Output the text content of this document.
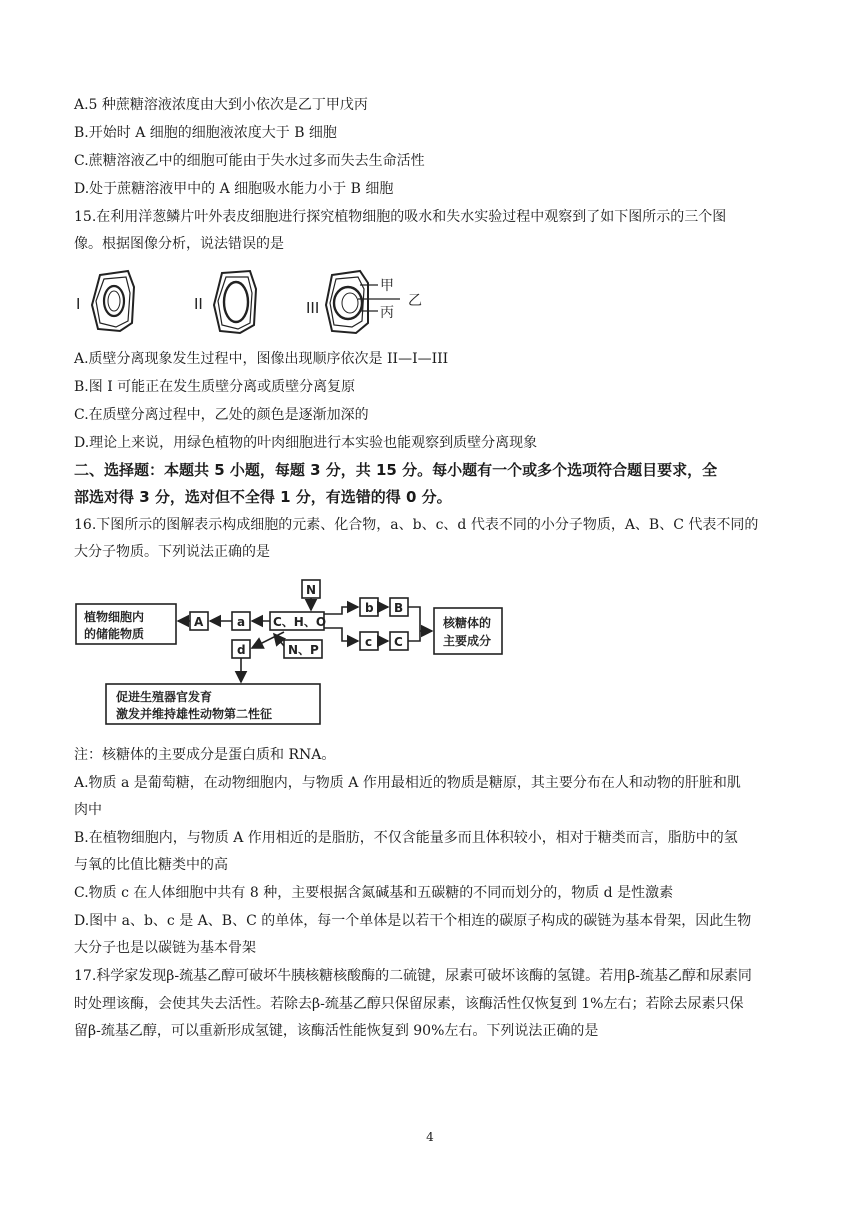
A.5 种蔗糖溶液浓度由大到小依次是乙丁甲戊丙
B.开始时 A 细胞的细胞液浓度大于 B 细胞
C.蔗糖溶液乙中的细胞可能由于失水过多而失去生命活性
D.处于蔗糖溶液甲中的 A 细胞吸水能力小于 B 细胞
15.在利用洋葱鳞片叶外表皮细胞进行探究植物细胞的吸水和失水实验过程中观察到了如下图所示的三个图
像。根据图像分析，说法错误的是
I	II	III
甲
乙
丙
A.质壁分离现象发生过程中，图像出现顺序依次是 II—I—III
B.图 I 可能正在发生质壁分离或质壁分离复原
C.在质壁分离过程中，乙处的颜色是逐渐加深的
D.理论上来说，用绿色植物的叶肉细胞进行本实验也能观察到质壁分离现象
二、选择题：本题共 5 小题，每题 3 分，共 15 分。每小题有一个或多个选项符合题目要求，全
部选对得 3 分，选对但不全得 1 分，有选错的得 0 分。
16.下图所示的图解表示构成细胞的元素、化合物，a、b、c、d 代表不同的小分子物质，A、B、C 代表不同的
大分子物质。下列说法正确的是
植物细胞内
的储能物质
A	a C、H、O
N
b B
N、P
c C
核糖体的
主要成分
d
促进生殖器官发育
激发并维持雄性动物第二性征
注：核糖体的主要成分是蛋白质和 RNA。
A.物质 a 是葡萄糖，在动物细胞内，与物质 A 作用最相近的物质是糖原，其主要分布在人和动物的肝脏和肌
肉中
B.在植物细胞内，与物质 A 作用相近的是脂肪，不仅含能量多而且体积较小，相对于糖类而言，脂肪中的氢
与氧的比值比糖类中的高
C.物质 c 在人体细胞中共有 8 种，主要根据含氮碱基和五碳糖的不同而划分的，物质 d 是性激素
D.图中 a、b、c 是 A、B、C 的单体，每一个单体是以若干个相连的碳原子构成的碳链为基本骨架，因此生物
大分子也是以碳链为基本骨架
17.科学家发现β-巯基乙醇可破坏牛胰核糖核酸酶的二硫键，尿素可破坏该酶的氢键。若用β-巯基乙醇和尿素同
时处理该酶，会使其失去活性。若除去β-巯基乙醇只保留尿素，该酶活性仅恢复到 1%左右；若除去尿素只保
留β-巯基乙醇，可以重新形成氢键，该酶活性能恢复到 90%左右。下列说法正确的是
4
